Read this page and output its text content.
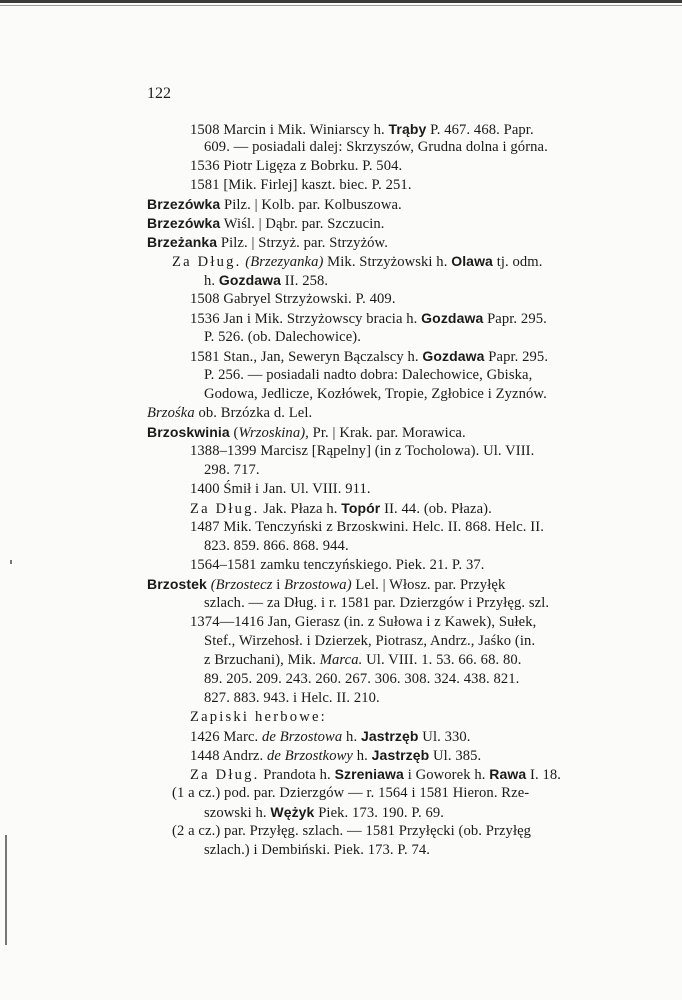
122
1508 Marcin i Mik. Winiarscy h. Trąby P. 467. 468. Papr.
609. — posiadali dalej: Skrzyszów, Grudna dolna i górna.
1536 Piotr Ligęza z Bobrku. P. 504.
1581 [Mik. Firlej] kaszt. biec. P. 251.
Brzezówka Pilz. | Kolb. par. Kolbuszowa.
Brzezówka Wiśl. | Dąbr. par. Szczucin.
Brzeżanka Pilz. | Strzyż. par. Strzyżów.
Za Dług. (Brzezyanka) Mik. Strzyżowski h. Olawa tj. odm.
h. Gozdawa II. 258.
1508 Gabryel Strzyżowski. P. 409.
1536 Jan i Mik. Strzyżowscy bracia h. Gozdawa Papr. 295.
P. 526. (ob. Dalechowice).
1581 Stan., Jan, Seweryn Bączalscy h. Gozdawa Papr. 295.
P. 256. — posiadali nadto dobra: Dalechowice, Gbiska,
Godowa, Jedlicze, Kozłówek, Tropie, Zgłobice i Zyznów.
Brzośka ob. Brzózka d. Lel.
Brzoskwinia (Wrzoskina), Pr. | Krak. par. Morawica.
1388–1399 Marcisz [Rąpelny] (in z Tocholowa). Ul. VIII.
298. 717.
1400 Śmił i Jan. Ul. VIII. 911.
Za Dług. Jak. Płaza h. Topór II. 44. (ob. Płaza).
1487 Mik. Tenczyński z Brzoskwini. Helc. II. 868. Helc. II.
823. 859. 866. 868. 944.
1564–1581 zamku tenczyńskiego. Piek. 21. P. 37.
Brzostek (Brzostecz i Brzostowa) Lel. | Włosz. par. Przyłęk
szlach. — za Dług. i r. 1581 par. Dzierzgów i Przyłęg. szl.
1374—1416 Jan, Gierasz (in. z Sułowa i z Kawek), Sułek,
Stef., Wirzehosł. i Dzierzek, Piotrasz, Andrz., Jaśko (in.
z Brzuchani), Mik. Marca. Ul. VIII. 1. 53. 66. 68. 80.
89. 205. 209. 243. 260. 267. 306. 308. 324. 438. 821.
827. 883. 943. i Helc. II. 210.
Zapiski herbowe:
1426 Marc. de Brzostowa h. Jastrzęb Ul. 330.
1448 Andrz. de Brzostkowy h. Jastrzęb Ul. 385.
Za Dług. Prandota h. Szreniawa i Goworek h. Rawa I. 18.
(1 a cz.) pod. par. Dzierzgów — r. 1564 i 1581 Hieron. Rze-
szowski h. Wężyk Piek. 173. 190. P. 69.
(2 a cz.) par. Przyłęg. szlach. — 1581 Przyłęcki (ob. Przyłęg
szlach.) i Dembiński. Piek. 173. P. 74.
